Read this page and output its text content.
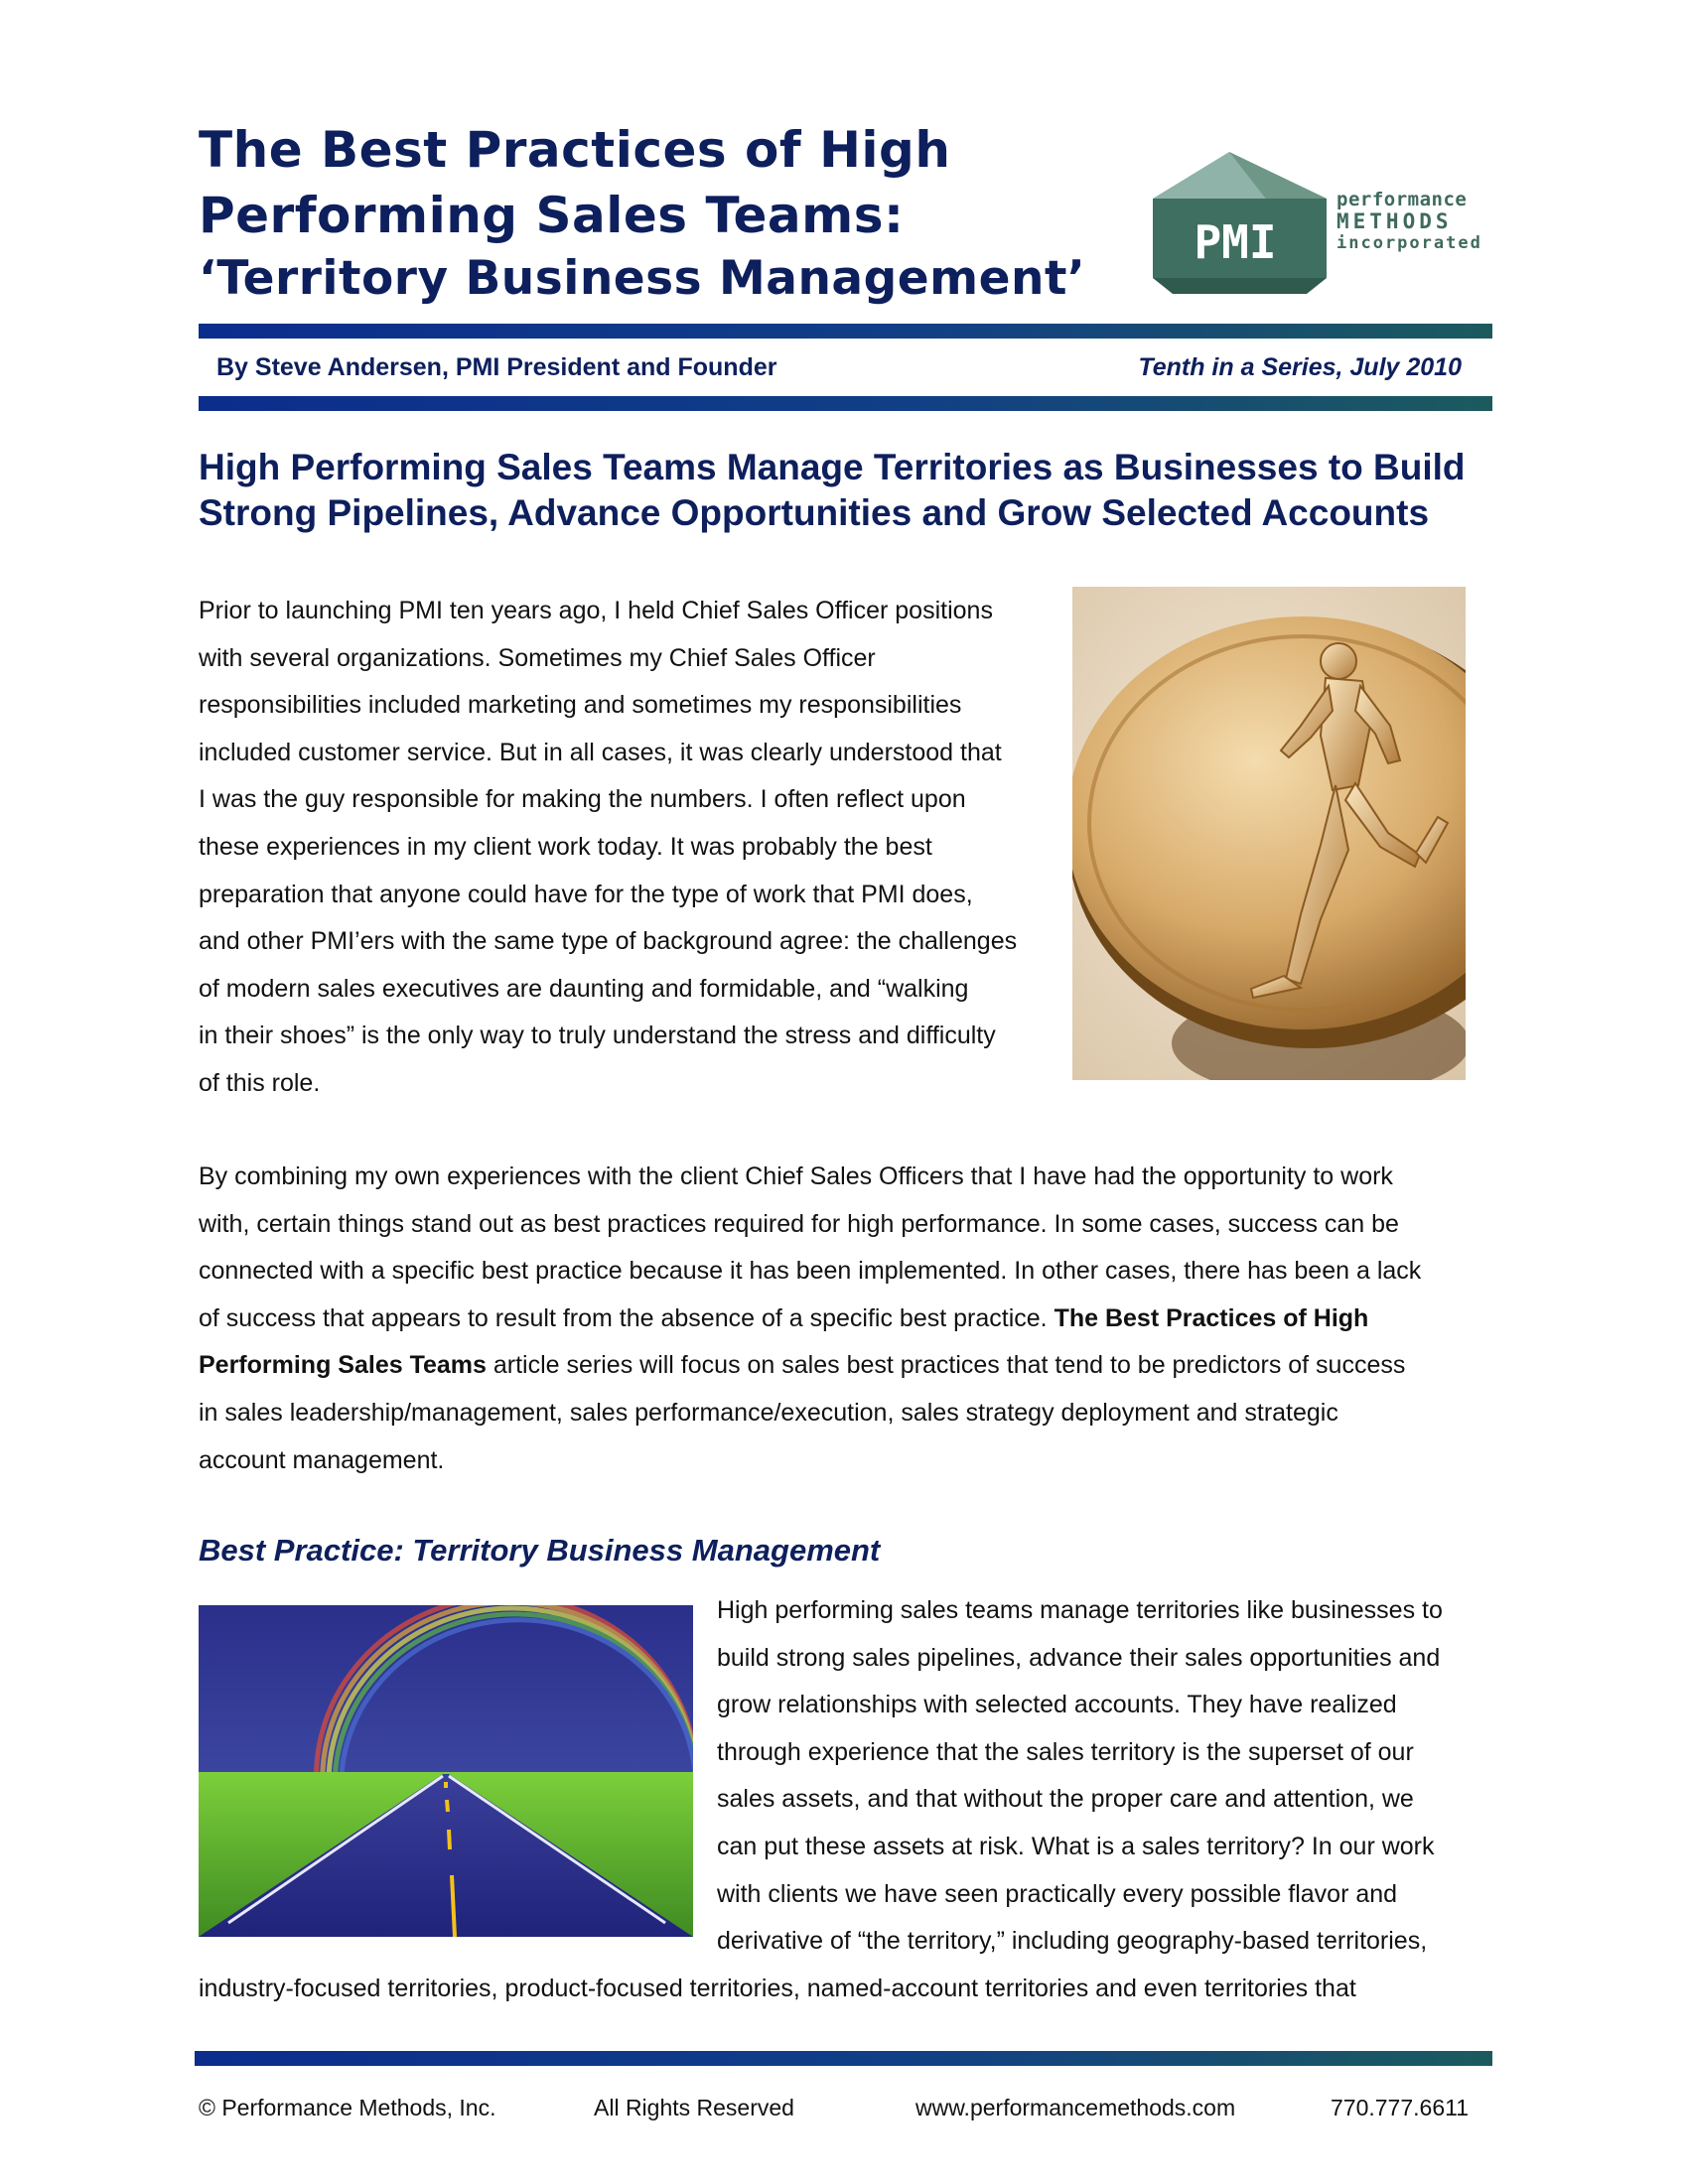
The Best Practices of High
Performing Sales Teams:
‘Territory Business Management’
PMI
performance
METHODS
incorporated
By Steve Andersen, PMI President and Founder	Tenth in a Series, July 2010
High Performing Sales Teams Manage Territories as Businesses to Build
Strong Pipelines, Advance Opportunities and Grow Selected Accounts

Prior to launching PMI ten years ago, I held Chief Sales Officer positions
with several organizations. Sometimes my Chief Sales Officer
responsibilities included marketing and sometimes my responsibilities
included customer service. But in all cases, it was clearly understood that
I was the guy responsible for making the numbers. I often reflect upon
these experiences in my client work today. It was probably the best
preparation that anyone could have for the type of work that PMI does,
and other PMI’ers with the same type of background agree: the challenges
of modern sales executives are daunting and formidable, and “walking
in their shoes” is the only way to truly understand the stress and difficulty
of this role.

By combining my own experiences with the client Chief Sales Officers that I have had the opportunity to work
with, certain things stand out as best practices required for high performance. In some cases, success can be
connected with a specific best practice because it has been implemented. In other cases, there has been a lack
of success that appears to result from the absence of a specific best practice. The Best Practices of High
Performing Sales Teams article series will focus on sales best practices that tend to be predictors of success
in sales leadership/management, sales performance/execution, sales strategy deployment and strategic
account management.

Best Practice: Territory Business Management

High performing sales teams manage territories like businesses to
build strong sales pipelines, advance their sales opportunities and
grow relationships with selected accounts. They have realized
through experience that the sales territory is the superset of our
sales assets, and that without the proper care and attention, we
can put these assets at risk. What is a sales territory? In our work
with clients we have seen practically every possible flavor and
derivative of “the territory,” including geography-based territories,

industry-focused territories, product-focused territories, named-account territories and even territories that
© Performance Methods, Inc.	All Rights Reserved	www.performancemethods.com	770.777.6611
